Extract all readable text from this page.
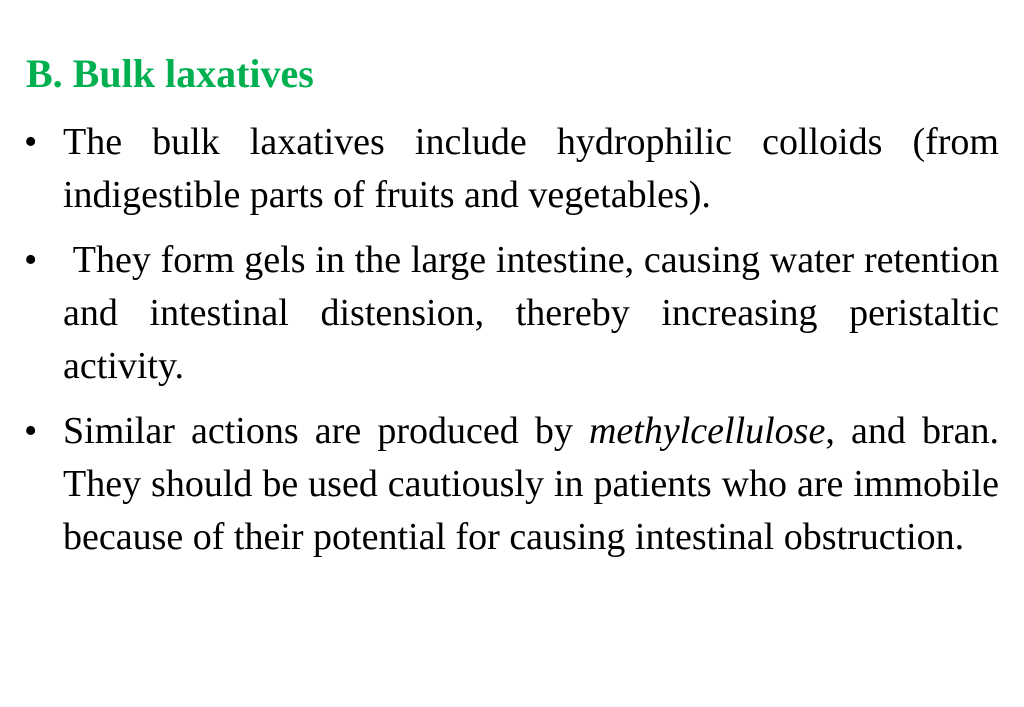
B. Bulk laxatives
• The bulk laxatives include hydrophilic colloids (from indigestible parts of fruits and vegetables).
• They form gels in the large intestine, causing water retention and intestinal distension, thereby increasing peristaltic activity.
• Similar actions are produced by methylcellulose, and bran. They should be used cautiously in patients who are immobile because of their potential for causing intestinal obstruction.
